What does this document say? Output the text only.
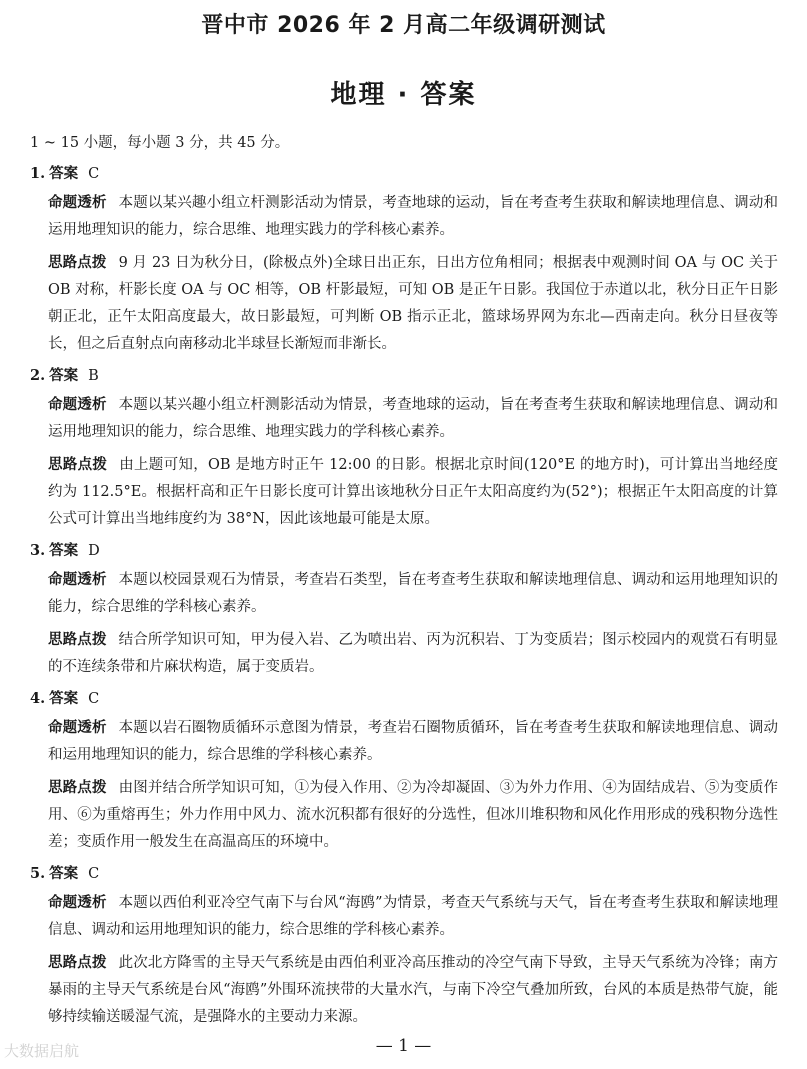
晋中市 2026 年 2 月高二年级调研测试
地理 · 答案

1 ~ 15 小题，每小题 3 分，共 45 分。

1. 答案 C

命题透析 本题以某兴趣小组立杆测影活动为情景，考查地球的运动，旨在考查考生获取和解读地理信息、调动和运用地理知识的能力，综合思维、地理实践力的学科核心素养。

思路点拨 9 月 23 日为秋分日，(除极点外)全球日出正东，日出方位角相同；根据表中观测时间 OA 与 OC 关于 OB 对称，杆影长度 OA 与 OC 相等，OB 杆影最短，可知 OB 是正午日影。我国位于赤道以北，秋分日正午日影朝正北，正午太阳高度最大，故日影最短，可判断 OB 指示正北，篮球场界网为东北—西南走向。秋分日昼夜等长，但之后直射点向南移动北半球昼长渐短而非渐长。

2. 答案 B

命题透析 本题以某兴趣小组立杆测影活动为情景，考查地球的运动，旨在考查考生获取和解读地理信息、调动和运用地理知识的能力，综合思维、地理实践力的学科核心素养。

思路点拨 由上题可知，OB 是地方时正午 12:00 的日影。根据北京时间(120°E 的地方时)，可计算出当地经度约为 112.5°E。根据杆高和正午日影长度可计算出该地秋分日正午太阳高度约为(52°)；根据正午太阳高度的计算公式可计算出当地纬度约为 38°N，因此该地最可能是太原。

3. 答案 D

命题透析 本题以校园景观石为情景，考查岩石类型，旨在考查考生获取和解读地理信息、调动和运用地理知识的能力，综合思维的学科核心素养。

思路点拨 结合所学知识可知，甲为侵入岩、乙为喷出岩、丙为沉积岩、丁为变质岩；图示校园内的观赏石有明显的不连续条带和片麻状构造，属于变质岩。

4. 答案 C

命题透析 本题以岩石圈物质循环示意图为情景，考查岩石圈物质循环，旨在考查考生获取和解读地理信息、调动和运用地理知识的能力，综合思维的学科核心素养。

思路点拨 由图并结合所学知识可知，①为侵入作用、②为冷却凝固、③为外力作用、④为固结成岩、⑤为变质作用、⑥为重熔再生；外力作用中风力、流水沉积都有很好的分选性，但冰川堆积物和风化作用形成的残积物分选性差；变质作用一般发生在高温高压的环境中。

5. 答案 C

命题透析 本题以西伯利亚冷空气南下与台风“海鸥”为情景，考查天气系统与天气，旨在考查考生获取和解读地理信息、调动和运用地理知识的能力，综合思维的学科核心素养。

思路点拨 此次北方降雪的主导天气系统是由西伯利亚冷高压推动的冷空气南下导致，主导天气系统为冷锋；南方暴雨的主导天气系统是台风“海鸥”外围环流挟带的大量水汽，与南下冷空气叠加所致，台风的本质是热带气旋，能够持续输送暖湿气流，是强降水的主要动力来源。

大数据启航	— 1 —
